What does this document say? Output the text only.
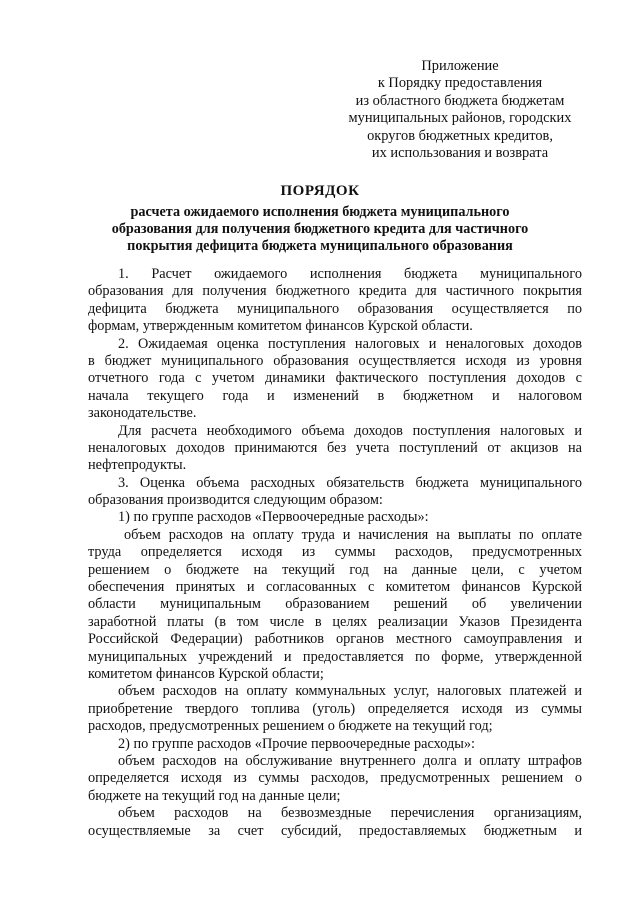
Приложение
к Порядку предоставления
из областного бюджета бюджетам
муниципальных районов, городских
округов бюджетных кредитов,
их использования и возврата
ПОРЯДОК
расчета ожидаемого исполнения бюджета муниципального
образования для получения бюджетного кредита для частичного
покрытия дефицита бюджета муниципального образования
1. Расчет ожидаемого исполнения бюджета муниципального
образования для получения бюджетного кредита для частичного покрытия
дефицита бюджета муниципального образования осуществляется по
формам, утвержденным комитетом финансов Курской области.
2. Ожидаемая оценка поступления налоговых и неналоговых доходов
в бюджет муниципального образования осуществляется исходя из уровня
отчетного года с учетом динамики фактического поступления доходов с
начала текущего года и изменений в бюджетном и налоговом
законодательстве.
Для расчета необходимого объема доходов поступления налоговых и
неналоговых доходов принимаются без учета поступлений от акцизов на
нефтепродукты.
3. Оценка объема расходных обязательств бюджета муниципального
образования производится следующим образом:
1) по группе расходов «Первоочередные расходы»:
объем расходов на оплату труда и начисления на выплаты по оплате
труда определяется исходя из суммы расходов, предусмотренных
решением о бюджете на текущий год на данные цели, с учетом
обеспечения принятых и согласованных с комитетом финансов Курской
области муниципальным образованием решений об увеличении
заработной платы (в том числе в целях реализации Указов Президента
Российской Федерации) работников органов местного самоуправления и
муниципальных учреждений и предоставляется по форме, утвержденной
комитетом финансов Курской области;
объем расходов на оплату коммунальных услуг, налоговых платежей и
приобретение твердого топлива (уголь) определяется исходя из суммы
расходов, предусмотренных решением о бюджете на текущий год;
2) по группе расходов «Прочие первоочередные расходы»:
объем расходов на обслуживание внутреннего долга и оплату штрафов
определяется исходя из суммы расходов, предусмотренных решением о
бюджете на текущий год на данные цели;
объем расходов на безвозмездные перечисления организациям,
осуществляемые за счет субсидий, предоставляемых бюджетным и
